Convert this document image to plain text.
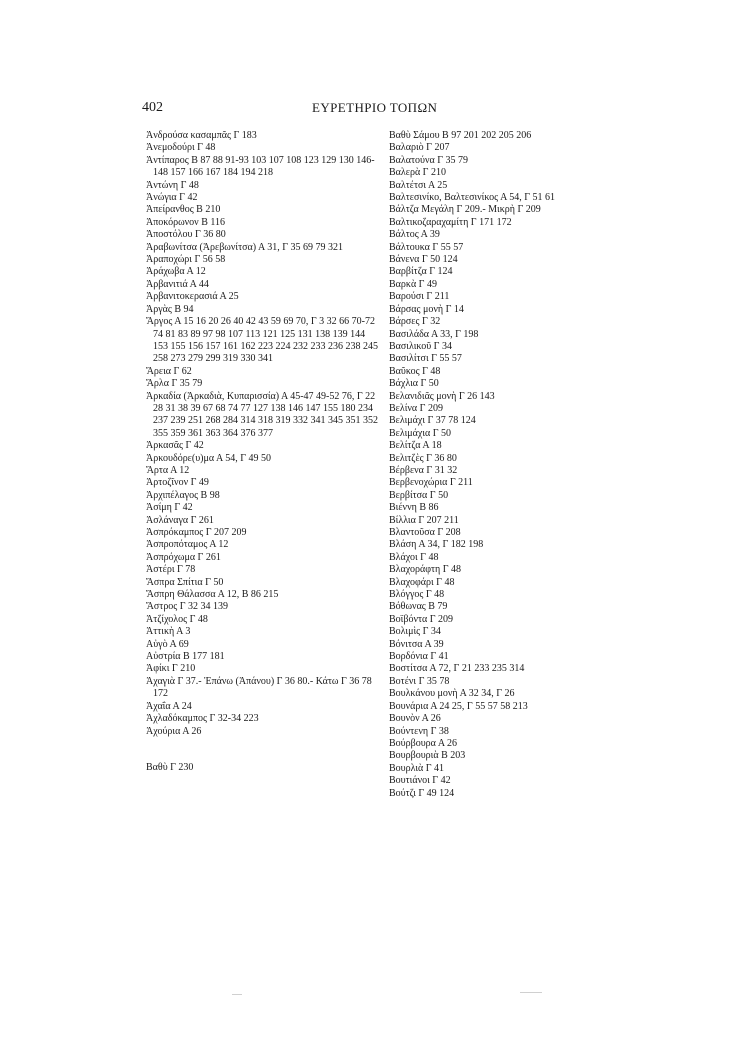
402	ΕΥΡΕΤΗΡΙΟ ΤΟΠΩΝ
Ἀνδρούσα κασαμπᾶς Γ 183
Ἀνεμοδούρι Γ 48
Ἀντίπαρος Β 87 88 91-93 103 107 108 123 129 130 146-148 157 166 167 184 194 218
Ἀντώνη Γ 48
Ἀνώγια Γ 42
Ἀπείρανθος Β 210
Ἀποκόρωνον Β 116
Ἀποστόλου Γ 36 80
Ἀραβωνίτσα (Ἀρεβωνίτσα) Α 31, Γ 35 69 79 321
Ἀραποχώρι Γ 56 58
Ἀράχωβα Α 12
Ἀρβανιτιά Α 44
Ἀρβανιτοκερασιά Α 25
Ἀργὰς Β 94
Ἄργος Α 15 16 20 26 40 42 43 59 69 70, Γ 3 32 66 70-72 74 81 83 89 97 98 107 113 121 125 131 138 139 144 153 155 156 157 161 162 223 224 232 233 236 238 245 258 273 279 299 319 330 341
Ἄρεια Γ 62
Ἄρλα Γ 35 79
Ἀρκαδία (Ἀρκαδιὰ, Κυπαρισσία) Α 45-47 49-52 76, Γ 22 28 31 38 39 67 68 74 77 127 138 146 147 155 180 234 237 239 251 268 284 314 318 319 332 341 345 351 352 355 359 361 363 364 376 377
Ἀρκασᾶς Γ 42
Ἀρκουδόρε(υ)μα Α 54, Γ 49 50
Ἄρτα Α 12
Ἀρτοζῖνον Γ 49
Ἀρχιπέλαγος Β 98
Ἀσίμη Γ 42
Ἀσλάναγα Γ 261
Ἀσπρόκαμπος Γ 207 209
Ἀσπροπόταμος Α 12
Ἀσπρόχωμα Γ 261
Ἀστέρι Γ 78
Ἄσπρα Σπίτια Γ 50
Ἄσπρη Θάλασσα Α 12, Β 86 215
Ἄστρος Γ 32 34 139
Ἀτζίχολος Γ 48
Ἀττικὴ Α 3
Αὐγὸ Α 69
Αὐστρία Β 177 181
Ἀφίκι Γ 210
Ἀχαγιὰ Γ 37.- Ἐπάνω (Ἀπάνου) Γ 36 80.- Κάτω Γ 36 78 172
Ἀχαΐα Α 24
Ἀχλαδόκαμπος Γ 32-34 223
Ἀχούρια Α 26
Βαθὺ Γ 230
Βαθὺ Σάμου Β 97 201 202 205 206
Βαλαριὸ Γ 207
Βαλατούνα Γ 35 79
Βαλερὰ Γ 210
Βαλτέτσι Α 25
Βαλτεσινίκο, Βαλτεσινίκος Α 54, Γ 51 61
Βάλτζα Μεγάλη Γ 209.- Μικρὴ Γ 209
Βαλτικοζαραχαμίτη Γ 171 172
Βάλτος Α 39
Βάλτουκα Γ 55 57
Βάνενα Γ 50 124
Βαρβίτζα Γ 124
Βαρκὰ Γ 49
Βαρούσι Γ 211
Βάρσας μονὴ Γ 14
Βάρσες Γ 32
Βασιλάδα Α 33, Γ 198
Βασιλικοῦ Γ 34
Βασιλίτσι Γ 55 57
Βαῦκος Γ 48
Βάχλια Γ 50
Βελανιδιᾶς μονὴ Γ 26 143
Βελίνα Γ 209
Βελιμάχι Γ 37 78 124
Βελιμάχια Γ 50
Βελίτζα Α 18
Βελιτζὲς Γ 36 80
Βέρβενα Γ 31 32
Βερβενοχώρια Γ 211
Βερβίτσα Γ 50
Βιέννη Β 86
Βίλλια Γ 207 211
Βλαντοῦσα Γ 208
Βλάση Α 34, Γ 182 198
Βλάχοι Γ 48
Βλαχοράφτη Γ 48
Βλαχοφάρι Γ 48
Βλόγγος Γ 48
Βόθωνας Β 79
Βοϊβόντα Γ 209
Βολιμὶς Γ 34
Βόνιτσα Α 39
Βορδόνια Γ 41
Βοστίτσα Α 72, Γ 21 233 235 314
Βοτένι Γ 35 78
Βουλκάνου μονὴ Α 32 34, Γ 26
Βουνάρια Α 24 25, Γ 55 57 58 213
Βουνὸν Α 26
Βούντενη Γ 38
Βούρβουρα Α 26
Βουρβουριὰ Β 203
Βουρλιὰ Γ 41
Βουτιάνοι Γ 42
Βούτζι Γ 49 124
